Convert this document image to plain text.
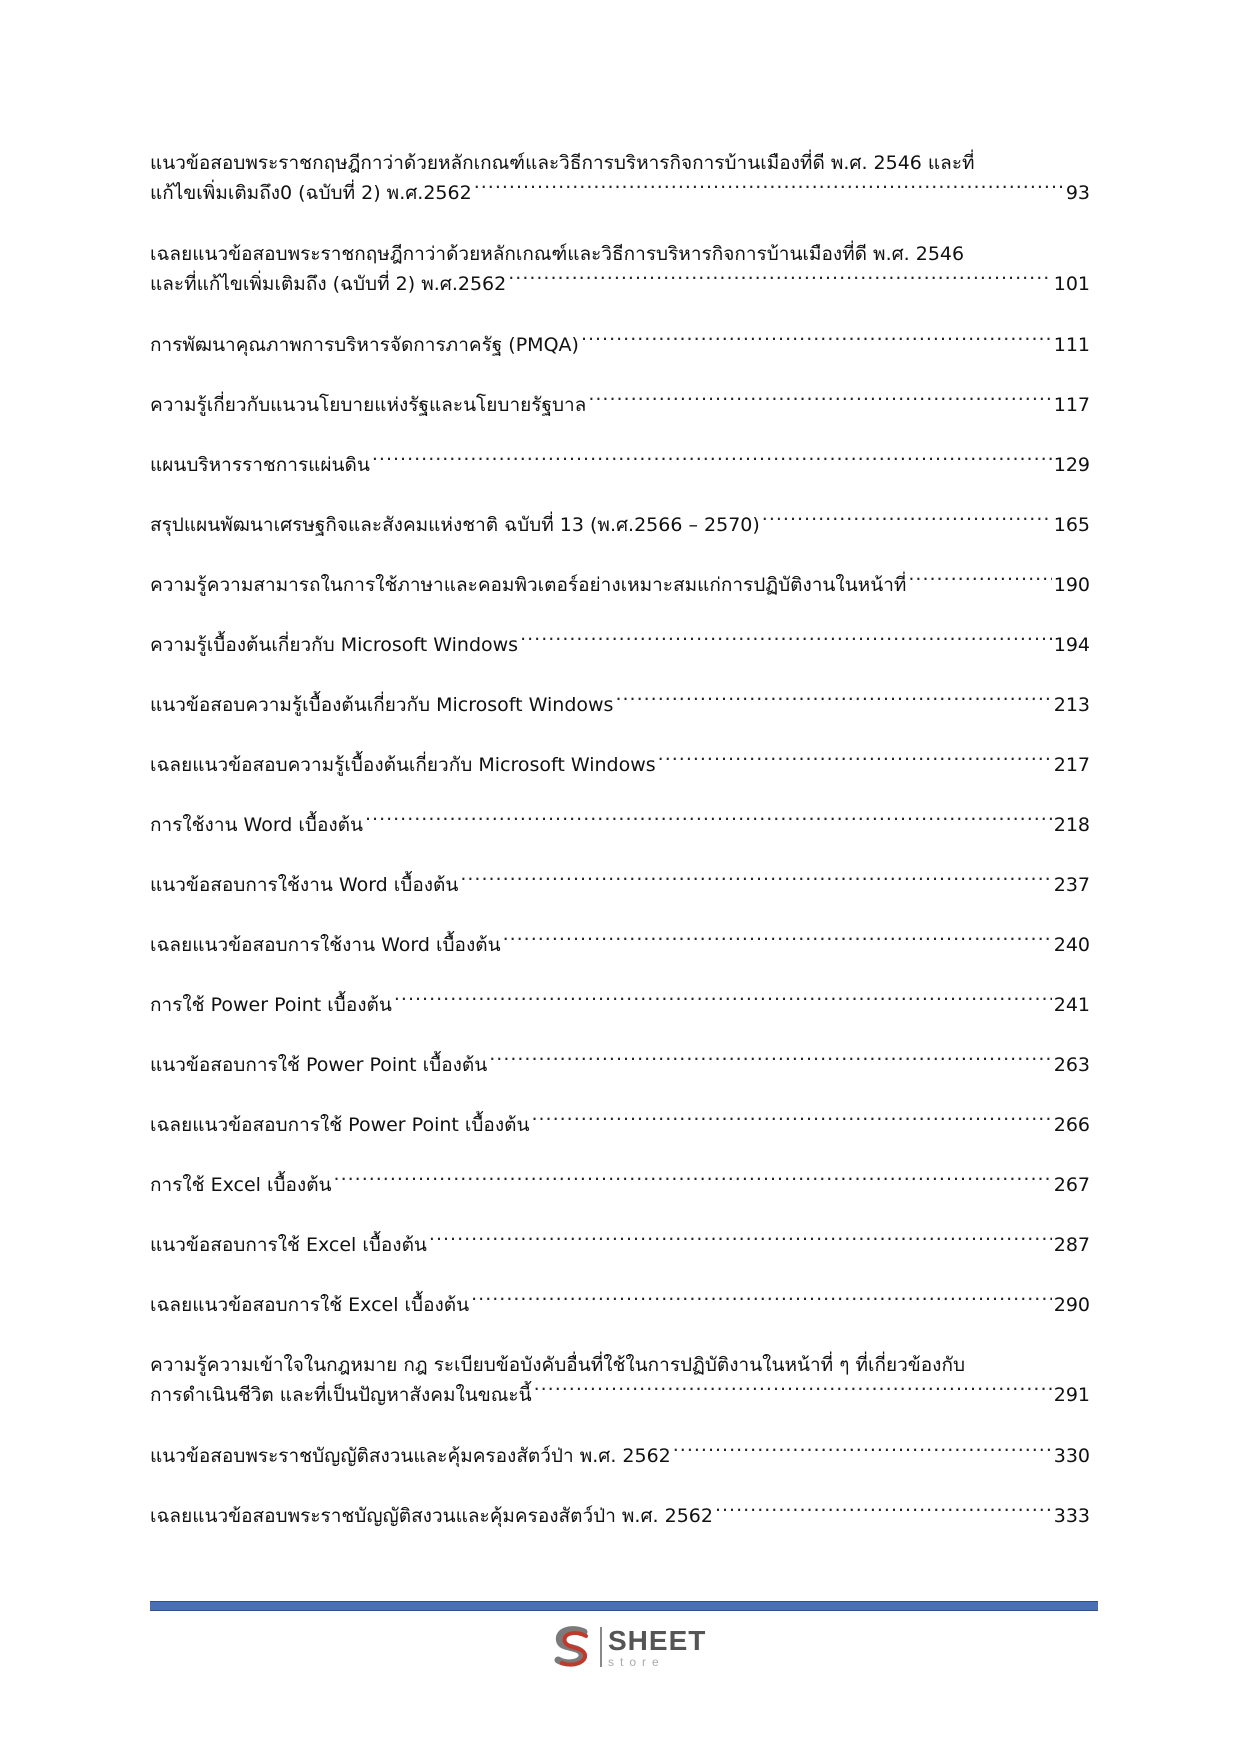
แนวข้อสอบพระราชกฤษฎีกาว่าด้วยหลักเกณฑ์และวิธีการบริหารกิจการบ้านเมืองที่ดี พ.ศ. 2546 และที่
แก้ไขเพิ่มเติมถึง0 (ฉบับที่ 2) พ.ศ.2562 .....	93
เฉลยแนวข้อสอบพระราชกฤษฎีกาว่าด้วยหลักเกณฑ์และวิธีการบริหารกิจการบ้านเมืองที่ดี พ.ศ. 2546
และที่แก้ไขเพิ่มเติมถึง (ฉบับที่ 2) พ.ศ.2562 .....	101
การพัฒนาคุณภาพการบริหารจัดการภาครัฐ (PMQA) .....	111
ความรู้เกี่ยวกับแนวนโยบายแห่งรัฐและนโยบายรัฐบาล .....	117
แผนบริหารราชการแผ่นดิน .....	129
สรุปแผนพัฒนาเศรษฐกิจและสังคมแห่งชาติ ฉบับที่ 13 (พ.ศ.2566 – 2570) .....	165
ความรู้ความสามารถในการใช้ภาษาและคอมพิวเตอร์อย่างเหมาะสมแก่การปฏิบัติงานในหน้าที่ .....	190
ความรู้เบื้องต้นเกี่ยวกับ Microsoft Windows .....	194
แนวข้อสอบความรู้เบื้องต้นเกี่ยวกับ Microsoft Windows .....	213
เฉลยแนวข้อสอบความรู้เบื้องต้นเกี่ยวกับ Microsoft Windows .....	217
การใช้งาน Word เบื้องต้น .....	218
แนวข้อสอบการใช้งาน Word เบื้องต้น .....	237
เฉลยแนวข้อสอบการใช้งาน Word เบื้องต้น .....	240
การใช้ Power Point เบื้องต้น .....	241
แนวข้อสอบการใช้ Power Point เบื้องต้น .....	263
เฉลยแนวข้อสอบการใช้ Power Point เบื้องต้น .....	266
การใช้ Excel เบื้องต้น .....	267
แนวข้อสอบการใช้ Excel เบื้องต้น .....	287
เฉลยแนวข้อสอบการใช้ Excel เบื้องต้น .....	290
ความรู้ความเข้าใจในกฎหมาย กฎ ระเบียบข้อบังคับอื่นที่ใช้ในการปฏิบัติงานในหน้าที่ ๆ ที่เกี่ยวข้องกับ
การดำเนินชีวิต และที่เป็นปัญหาสังคมในขณะนี้ .....	291
แนวข้อสอบพระราชบัญญัติสงวนและคุ้มครองสัตว์ป่า พ.ศ. 2562 .....	330
เฉลยแนวข้อสอบพระราชบัญญัติสงวนและคุ้มครองสัตว์ป่า พ.ศ. 2562 .....	333
SHEET
store
